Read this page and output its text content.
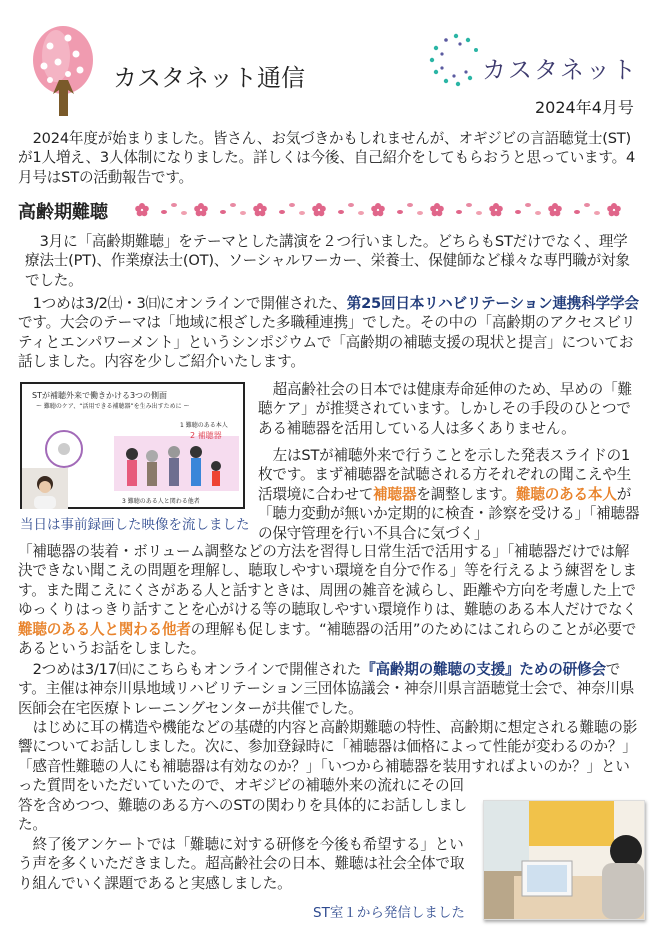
カスタネット通信	カスタネット
2024年4月号
2024年度が始まりました。皆さん、お気づきかもしれませんが、オギジビの言語聴覚士(ST)が1人増え、3人体制になりました。詳しくは今後、自己紹介をしてもらおうと思っています。4月号はSTの活動報告です。
高齢期難聴
3月に「高齢期難聴」をテーマとした講演を２つ行いました。どちらもSTだけでなく、理学療法士(PT)、作業療法士(OT)、ソーシャルワーカー、栄養士、保健師など様々な専門職が対象でした。
1つめは3/2㈯・3㈰にオンラインで開催された、第25回日本リハビリテーション連携科学学会です。大会のテーマは「地域に根ざした多職種連携」でした。その中の「高齢期のアクセスビリティとエンパワーメント」というシンポジウムで「高齢期の補聴支援の現状と提言」についてお話しました。内容を少しご紹介いたします。
STが補聴外来で働きかける3つの側面
ー 難聴のケア、“活用できる補聴器”を生み出すために ー
1 難聴のある本人
2 補聴器
3 難聴のある人と関わる他者
当日は事前録画した映像を流しました
超高齢社会の日本では健康寿命延伸のため、早めの「難聴ケア」が推奨されています。しかしその手段のひとつである補聴器を活用している人は多くありません。
左はSTが補聴外来で行うことを示した発表スライドの1枚です。まず補聴器を試聴される方それぞれの聞こえや生活環境に合わせて補聴器を調整します。難聴のある本人が「聴力変動が無いか定期的に検査・診察を受ける」「補聴器の保守管理を行い不具合に気づく」
「補聴器の装着・ボリューム調整などの方法を習得し日常生活で活用する」「補聴器だけでは解決できない聞こえの問題を理解し、聴取しやすい環境を自分で作る」等を行えるよう練習をします。また聞こえにくさがある人と話すときは、周囲の雑音を減らし、距離や方向を考慮した上でゆっくりはっきり話すことを心がける等の聴取しやすい環境作りは、難聴のある本人だけでなく難聴のある人と関わる他者の理解も促します。“補聴器の活用”のためにはこれらのことが必要であるというお話をしました。
2つめは3/17㈰にこちらもオンラインで開催された『高齢期の難聴の支援』ための研修会です。主催は神奈川県地域リハビリテーション三団体協議会・神奈川県言語聴覚士会で、神奈川県医師会在宅医療トレーニングセンターが共催でした。
はじめに耳の構造や機能などの基礎的内容と高齢期難聴の特性、高齢期に想定される難聴の影響についてお話ししました。次に、参加登録時に「補聴器は価格によって性能が変わるのか？」「感音性難聴の人にも補聴器は有効なのか？」「いつから補聴器を装用すればよいのか？」といった質問をいただいていたので、オギジビの補聴外来の流れにその回
答を含めつつ、難聴のある方へのSTの関わりを具体的にお話ししました。
終了後アンケートでは「難聴に対する研修を今後も希望する」という声を多くいただきました。超高齢社会の日本、難聴は社会全体で取り組んでいく課題であると実感しました。
ST室１から発信しました
